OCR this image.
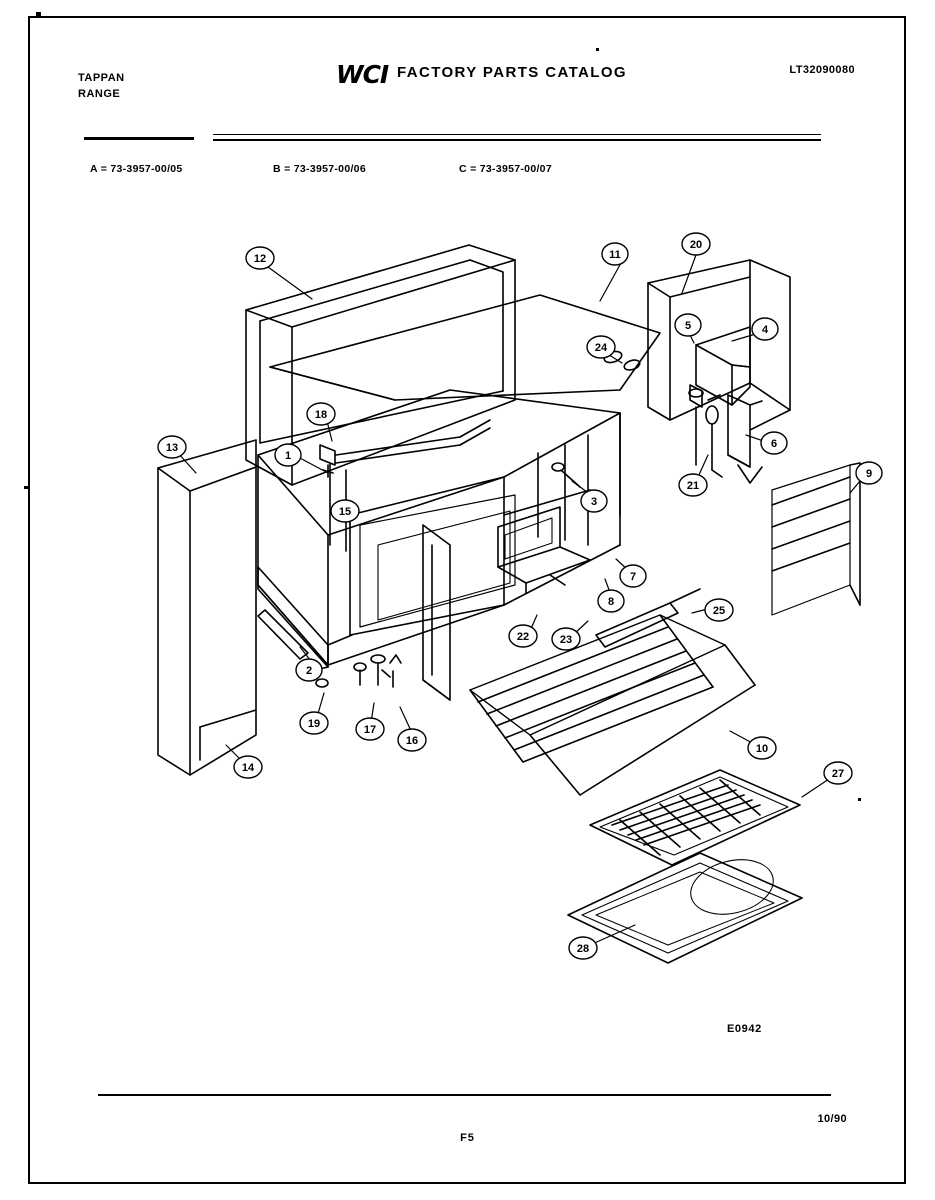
TAPPAN
RANGE
WCI FACTORY PARTS CATALOG	LT32090080
A = 73-3957-00/05	B = 73-3957-00/06	C = 73-3957-00/07
12	11
20
4
5
24
18
1
13
15
3
21
6
9
7
8
2
22	23
25
19	17
16
14
10
27
28
E0942
10/90
F5
